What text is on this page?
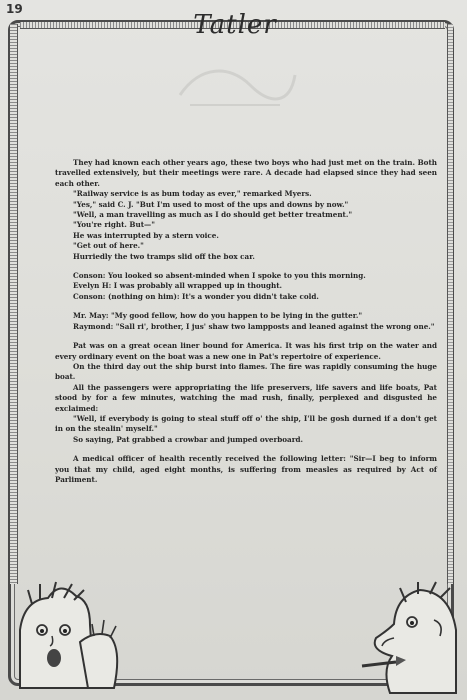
19
Tatler

They had known each other years ago, these two boys who had just met on the train. Both travelled extensively, but their meetings were rare. A decade had elapsed since they had seen each other.

"Railway service is as bum today as ever," remarked Myers.

"Yes," said C. J. "But I'm used to most of the ups and downs by now."

"Well, a man travelling as much as I do should get better treatment."

"You're right. But—"

He was interrupted by a stern voice.

"Get out of here."

Hurriedly the two tramps slid off the box car.

Conson: You looked so absent-minded when I spoke to you this morning.

Evelyn H: I was probably all wrapped up in thought.

Conson: (nothing on him): It's a wonder you didn't take cold.

Mr. May: "My good fellow, how do you happen to be lying in the gutter."

Raymond: "Sall ri', brother, I jus' shaw two lampposts and leaned against the wrong one."

Pat was on a great ocean liner bound for America. It was his first trip on the water and every ordinary event on the boat was a new one in Pat's repertoire of experience.

On the third day out the ship burst into flames. The fire was rapidly consuming the huge boat.

All the passengers were appropriating the life preservers, life savers and life boats, Pat stood by for a few minutes, watching the mad rush, finally, perplexed and disgusted he exclaimed:

"Well, if everybody is going to steal stuff off o' the ship, I'll be gosh durned if a don't get in on the stealin' myself."

So saying, Pat grabbed a crowbar and jumped overboard.

A medical officer of health recently received the following letter: "Sir—I beg to inform you that my child, aged eight months, is suffering from measles as required by Act of Parliment.
